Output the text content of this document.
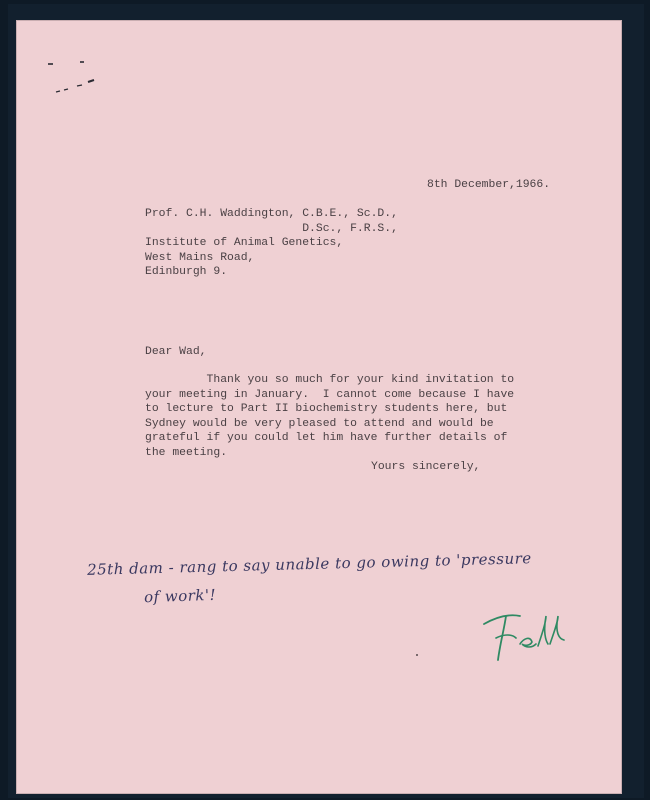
8th December,1966.
Prof. C.H. Waddington, C.B.E., Sc.D.,
D.Sc., F.R.S.,
Institute of Animal Genetics,
West Mains Road,
Edinburgh 9.
Dear Wad,
Thank you so much for your kind invitation to
your meeting in January.  I cannot come because I have
to lecture to Part II biochemistry students here, but
Sydney would be very pleased to attend and would be
grateful if you could let him have further details of
the meeting.
Yours sincerely,
25th dam - rang to say unable to go owing to 'pressure
of work'!
